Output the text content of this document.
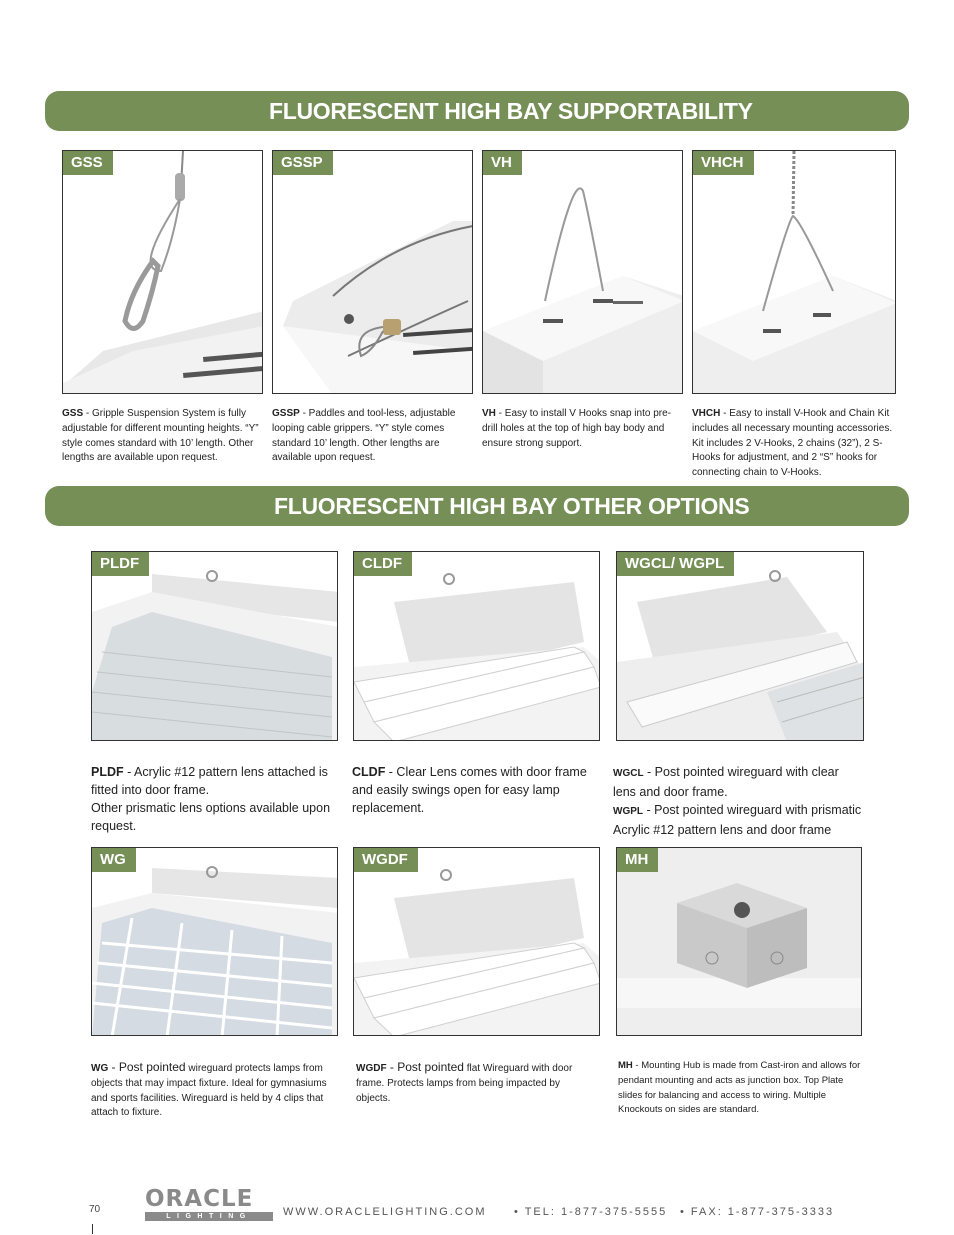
FLUORESCENT HIGH BAY SUPPORTABILITY
GSS	GSSP	VH	VHCH
GSS - Gripple Suspension System is fully adjustable for different mounting heights. “Y” style comes standard with 10’ length. Other lengths are available upon request.
GSSP - Paddles and tool-less, adjustable looping cable grippers. “Y” style comes standard 10’ length. Other lengths are available upon request.
VH - Easy to install V Hooks snap into pre-drill holes at the top of high bay body and ensure strong support.
VHCH - Easy to install V-Hook and Chain Kit includes all necessary mounting accessories. Kit includes 2 V-Hooks, 2 chains (32”), 2 S-Hooks for adjustment, and 2 “S” hooks for connecting chain to V-Hooks.
FLUORESCENT HIGH BAY OTHER OPTIONS
PLDF	CLDF	WGCL/ WGPL
PLDF - Acrylic #12 pattern lens attached is fitted into door frame.
Other prismatic lens options available upon request.
CLDF - Clear Lens comes with door frame and easily swings open for easy lamp replacement.
WGCL - Post pointed wireguard with clear lens and door frame.
WGPL - Post pointed wireguard with prismatic Acrylic #12 pattern lens and door frame
WG	WGDF	MH
WG - Post pointed wireguard protects lamps from objects that may impact fixture. Ideal for gymnasiums and sports facilities. Wireguard is held by 4 clips that attach to fixture.
WGDF - Post pointed flat Wireguard with door frame. Protects lamps from being impacted by objects.
MH - Mounting Hub is made from Cast-iron and allows for pendant mounting and acts as junction box. Top Plate slides for balancing and access to wiring. Multiple Knockouts on sides are standard.
70 ORACLE
LIGHTING	WWW.ORACLELIGHTING.COM	• TEL: 1-877-375-5555 • FAX: 1-877-375-3333
